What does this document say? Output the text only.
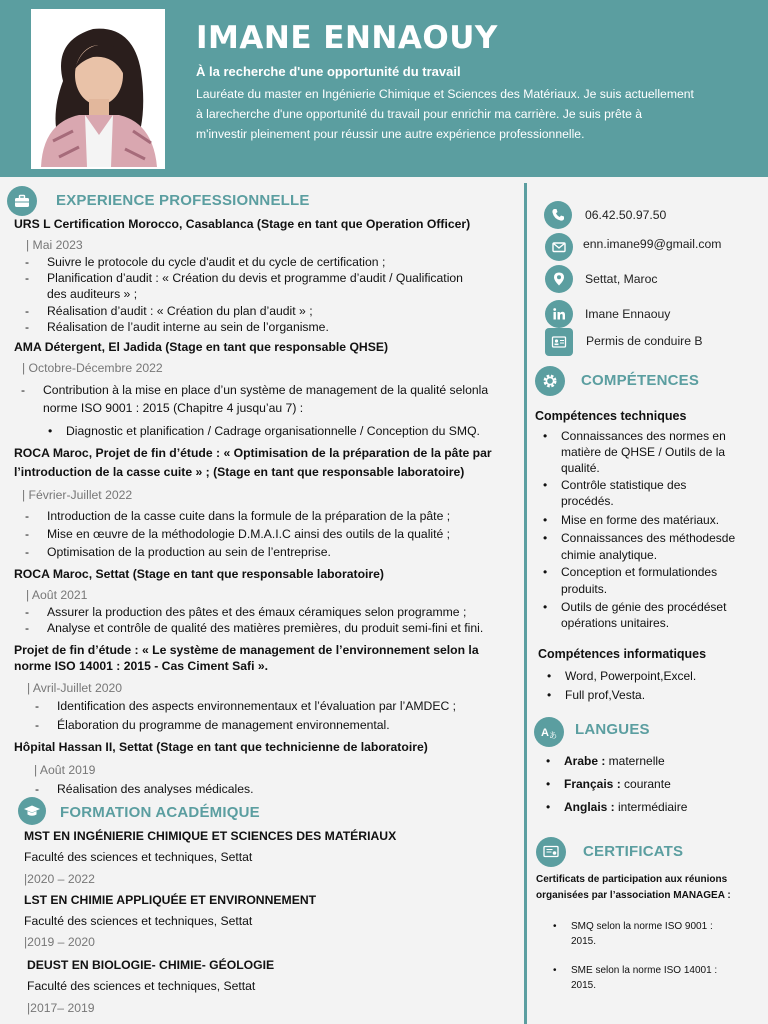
IMANE ENNAOUY
À la recherche d'une opportunité du travail
Lauréate du master en Ingénierie Chimique et Sciences des Matériaux. Je suis actuellement
à larecherche d'une opportunité du travail pour enrichir ma carrière. Je suis prête à
m'investir pleinement pour réussir une autre expérience professionnelle.
EXPERIENCE PROFESSIONNELLE
URS L Certification Morocco, Casablanca (Stage en tant que Operation Officer)
| Mai 2023
- Suivre le protocole du cycle d'audit et du cycle de certification ;
- Planification d’audit : « Création du devis et programme d’audit / Qualification
des auditeurs » ;
- Réalisation d’audit : « Création du plan d’audit » ;
- Réalisation de l’audit interne au sein de l’organisme.
AMA Détergent, El Jadida (Stage en tant que responsable QHSE)
| Octobre-Décembre 2022
- Contribution à la mise en place d’un système de management de la qualité selonla
norme ISO 9001 : 2015 (Chapitre 4 jusqu’au 7) :
• Diagnostic et planification / Cadrage organisationnelle / Conception du SMQ.
ROCA Maroc, Projet de fin d’étude : « Optimisation de la préparation de la pâte par
l’introduction de la casse cuite » ; (Stage en tant que responsable laboratoire)
| Février-Juillet 2022
- Introduction de la casse cuite dans la formule de la préparation de la pâte ;
- Mise en œuvre de la méthodologie D.M.A.I.C ainsi des outils de la qualité ;
- Optimisation de la production au sein de l’entreprise.
ROCA Maroc, Settat (Stage en tant que responsable laboratoire)
| Août 2021
- Assurer la production des pâtes et des émaux céramiques selon programme ;
- Analyse et contrôle de qualité des matières premières, du produit semi-fini et fini.
Projet de fin d’étude : « Le système de management de l’environnement selon la
norme ISO 14001 : 2015 - Cas Ciment Safi ».
| Avril-Juillet 2020
- Identification des aspects environnementaux et l’évaluation par l’AMDEC ;
- Élaboration du programme de management environnemental.
Hôpital Hassan II, Settat (Stage en tant que technicienne de laboratoire)
| Août 2019
- Réalisation des analyses médicales.
FORMATION ACADÉMIQUE
MST EN INGÉNIERIE CHIMIQUE ET SCIENCES DES MATÉRIAUX
Faculté des sciences et techniques, Settat
|2020 – 2022
LST EN CHIMIE APPLIQUÉE ET ENVIRONNEMENT
Faculté des sciences et techniques, Settat
|2019 – 2020
DEUST EN BIOLOGIE- CHIMIE- GÉOLOGIE
Faculté des sciences et techniques, Settat
|2017– 2019
06.42.50.97.50
enn.imane99@gmail.com
Settat, Maroc
Imane Ennaouy
Permis de conduire B
COMPÉTENCES
Compétences techniques
• Connaissances des normes en
matière de QHSE / Outils de la
qualité.
• Contrôle statistique des
procédés.
• Mise en forme des matériaux.
• Connaissances des méthodesde
chimie analytique.
• Conception et formulationdes
produits.
• Outils de génie des procédéset
opérations unitaires.
Compétences informatiques
• Word, Powerpoint,Excel.
• Full prof,Vesta.
A あ LANGUES
• Arabe : maternelle
• Français : courante
• Anglais : intermédiaire
CERTIFICATS
Certificats de participation aux réunions
organisées par l’association MANAGEA :
• SMQ selon la norme ISO 9001 :
2015.
• SME selon la norme ISO 14001 :
2015.
